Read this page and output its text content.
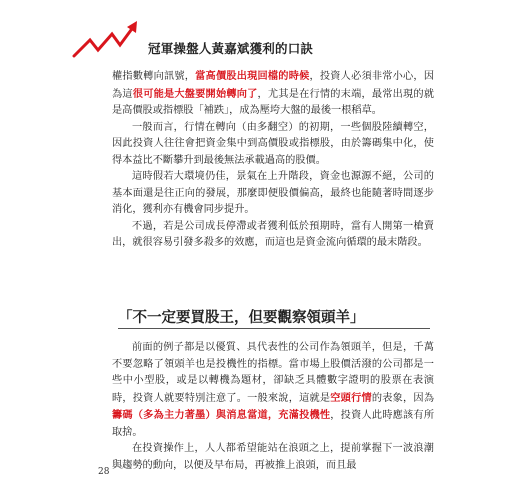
冠軍操盤人黃嘉斌獲利的口訣

權指數轉向訊號，當高價股出現回檔的時候，投資人必須非常小心，因為這很可能是大盤要開始轉向了，尤其是在行情的末端，最常出現的就是高價股或指標股「補跌」，成為壓垮大盤的最後一根稻草。

一般而言，行情在轉向（由多翻空）的初期，一些個股陸續轉空，因此投資人往往會把資金集中到高價股或指標股，由於籌碼集中化，使得本益比不斷攀升到最後無法承載過高的股價。

這時假若大環境仍佳，景氣在上升階段，資金也源源不絕，公司的基本面還是往正向的發展，那麼即便股價偏高，最終也能隨著時間逐步消化，獲利亦有機會同步提升。

不過，若是公司成長停滯或者獲利低於預期時，當有人開第一槍賣出，就很容易引發多殺多的效應，而這也是資金流向循環的最末階段。

「不一定要買股王，但要觀察領頭羊」

前面的例子都是以優質、具代表性的公司作為領頭羊，但是，千萬不要忽略了領頭羊也是投機性的指標。當市場上股價活潑的公司都是一些中小型股，或是以轉機為題材，卻缺乏具體數字證明的股票在表演時，投資人就要特別注意了。一般來說，這就是空頭行情的表象，因為籌碼（多為主力著墨）與消息當道，充滿投機性，投資人此時應該有所取捨。

在投資操作上，人人都希望能站在浪頭之上，提前掌握下一波浪潮與趨勢的動向，以便及早布局，再被推上浪頭，而且最

28
